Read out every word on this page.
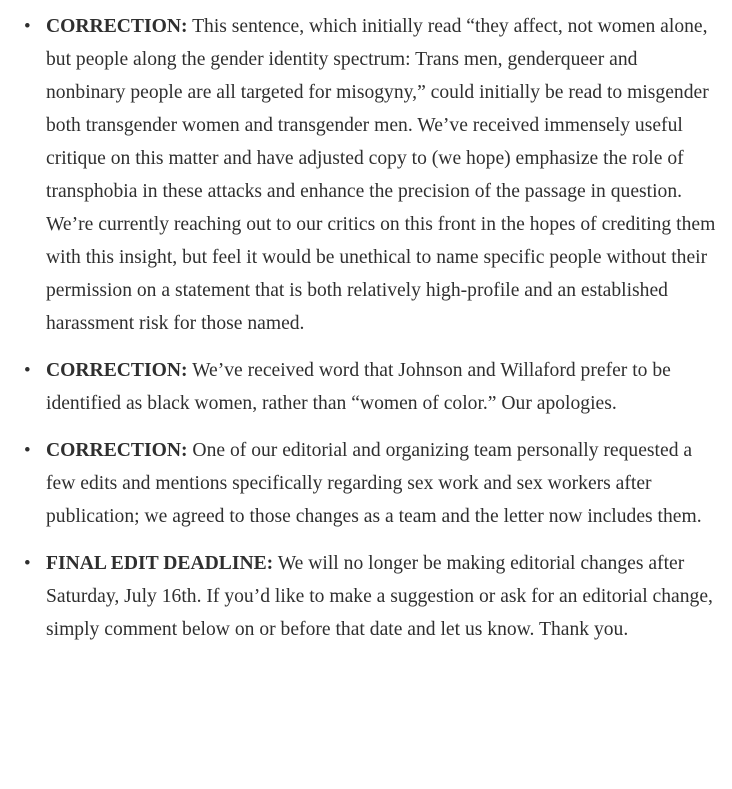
• CORRECTION: This sentence, which initially read “they affect, not women alone, but people along the gender identity spectrum: Trans men, genderqueer and nonbinary people are all targeted for misogyny,” could initially be read to misgender both transgender women and transgender men. We’ve received immensely useful critique on this matter and have adjusted copy to (we hope) emphasize the role of transphobia in these attacks and enhance the precision of the passage in question. We’re currently reaching out to our critics on this front in the hopes of crediting them with this insight, but feel it would be unethical to name specific people without their permission on a statement that is both relatively high-profile and an established harassment risk for those named.
• CORRECTION: We’ve received word that Johnson and Willaford prefer to be identified as black women, rather than “women of color.” Our apologies.
• CORRECTION: One of our editorial and organizing team personally requested a few edits and mentions specifically regarding sex work and sex workers after publication; we agreed to those changes as a team and the letter now includes them.
• FINAL EDIT DEADLINE: We will no longer be making editorial changes after Saturday, July 16th. If you’d like to make a suggestion or ask for an editorial change, simply comment below on or before that date and let us know. Thank you.
